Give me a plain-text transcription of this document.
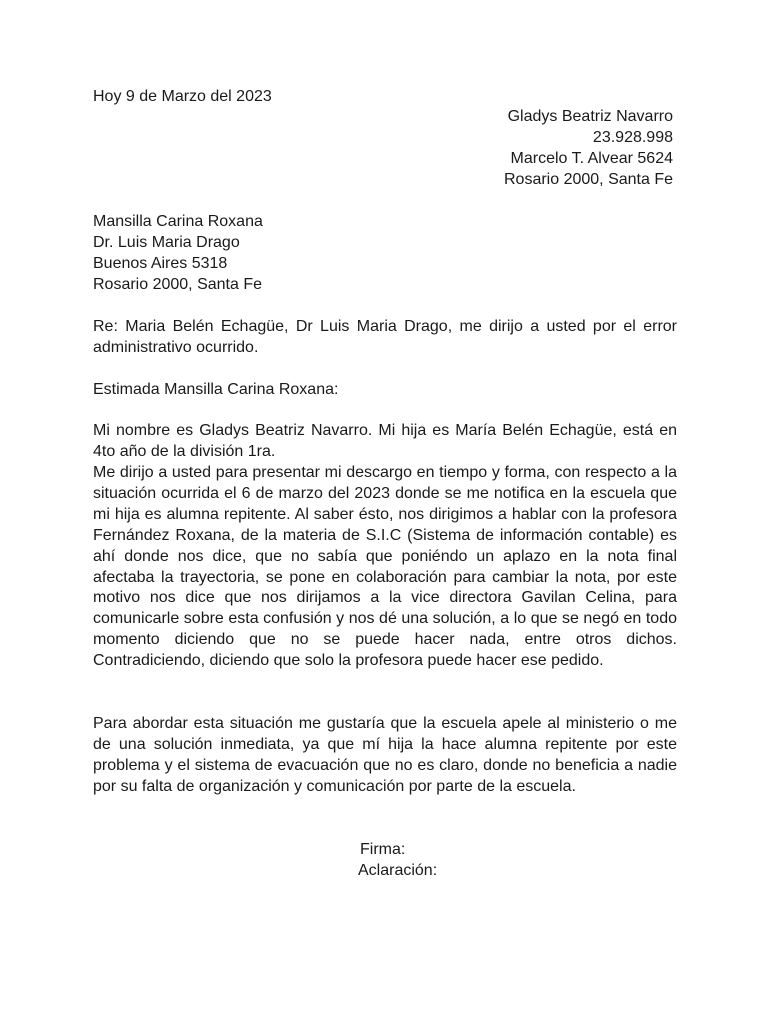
Hoy 9 de Marzo del 2023
Gladys Beatriz Navarro
23.928.998
Marcelo T. Alvear 5624
Rosario 2000, Santa Fe
Mansilla Carina Roxana
Dr. Luis Maria Drago
Buenos Aires 5318
Rosario 2000, Santa Fe
Re: Maria Belén Echagüe, Dr Luis Maria Drago, me dirijo a usted por el error administrativo ocurrido.
Estimada Mansilla Carina Roxana:
Mi nombre es Gladys Beatriz Navarro. Mi hija es María Belén Echagüe, está en 4to año de la división 1ra.
Me dirijo a usted para presentar mi descargo en tiempo y forma, con respecto a la situación ocurrida el 6 de marzo del 2023 donde se me notifica en la escuela que mi hija es alumna repitente. Al saber ésto, nos dirigimos a hablar con la profesora Fernández Roxana, de la materia de S.I.C (Sistema de información contable) es ahí donde nos dice, que no sabía que poniéndo un aplazo en la nota final afectaba la trayectoria, se pone en colaboración para cambiar la nota, por este motivo nos dice que nos dirijamos a la vice directora Gavilan Celina, para comunicarle sobre esta confusión y nos dé una solución, a lo que se negó en todo momento diciendo que no se puede hacer nada, entre otros dichos. Contradiciendo, diciendo que solo la profesora puede hacer ese pedido.
Para abordar esta situación me gustaría que la escuela apele al ministerio o me de una solución inmediata, ya que mí hija la hace alumna repitente por este problema y el sistema de evacuación que no es claro, donde no beneficia a nadie por su falta de organización y comunicación por parte de la escuela.
Firma:
Aclaración:
